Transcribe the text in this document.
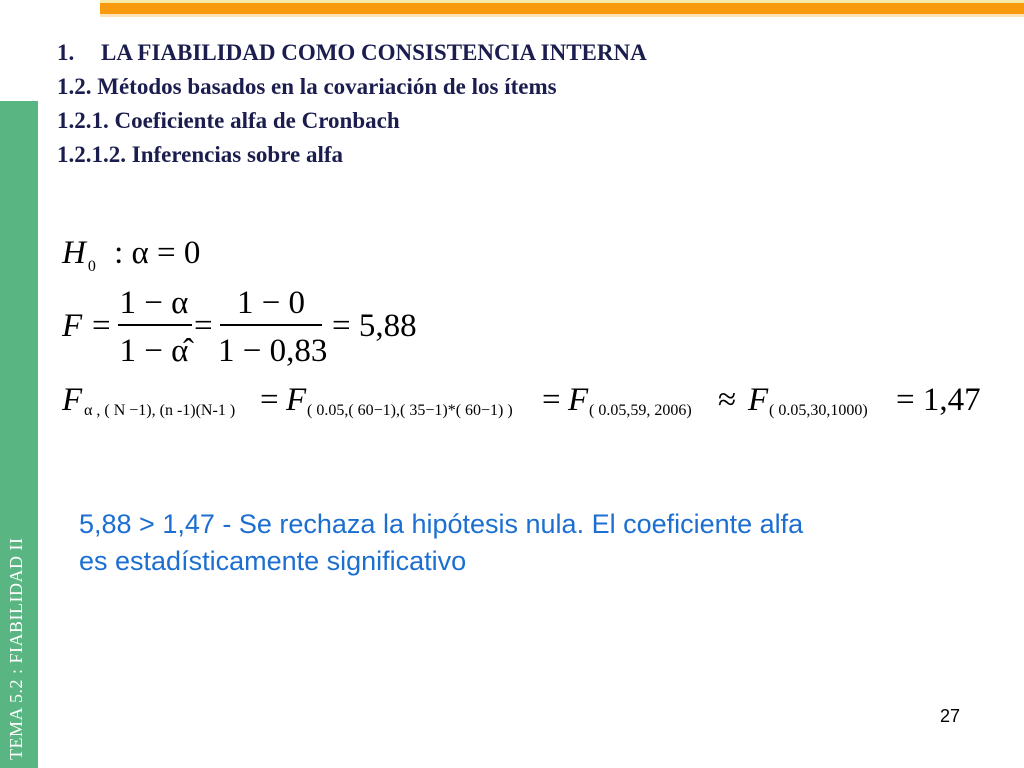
TEMA 5.2 : FIABILIDAD II
1. LA FIABILIDAD COMO CONSISTENCIA INTERNA
1.2. Métodos basados en la covariación de los ítems
1.2.1. Coeficiente alfa de Cronbach
1.2.1.2. Inferencias sobre alfa
H $_0$ : α = 0
F =
1 − α
1 − α̂
=
1 − 0
1 − 0,83
= 5,88
F α , ( N −1), (n -1)(N-1 ) = F ( 0.05,( 60−1),( 35−1)*( 60−1) ) = F ( 0.05,59, 2006) ≈ F ( 0.05,30,1000) = 1,47
5,88 > 1,47 - Se rechaza la hipótesis nula. El coeficiente alfa es estadísticamente significativo
27
